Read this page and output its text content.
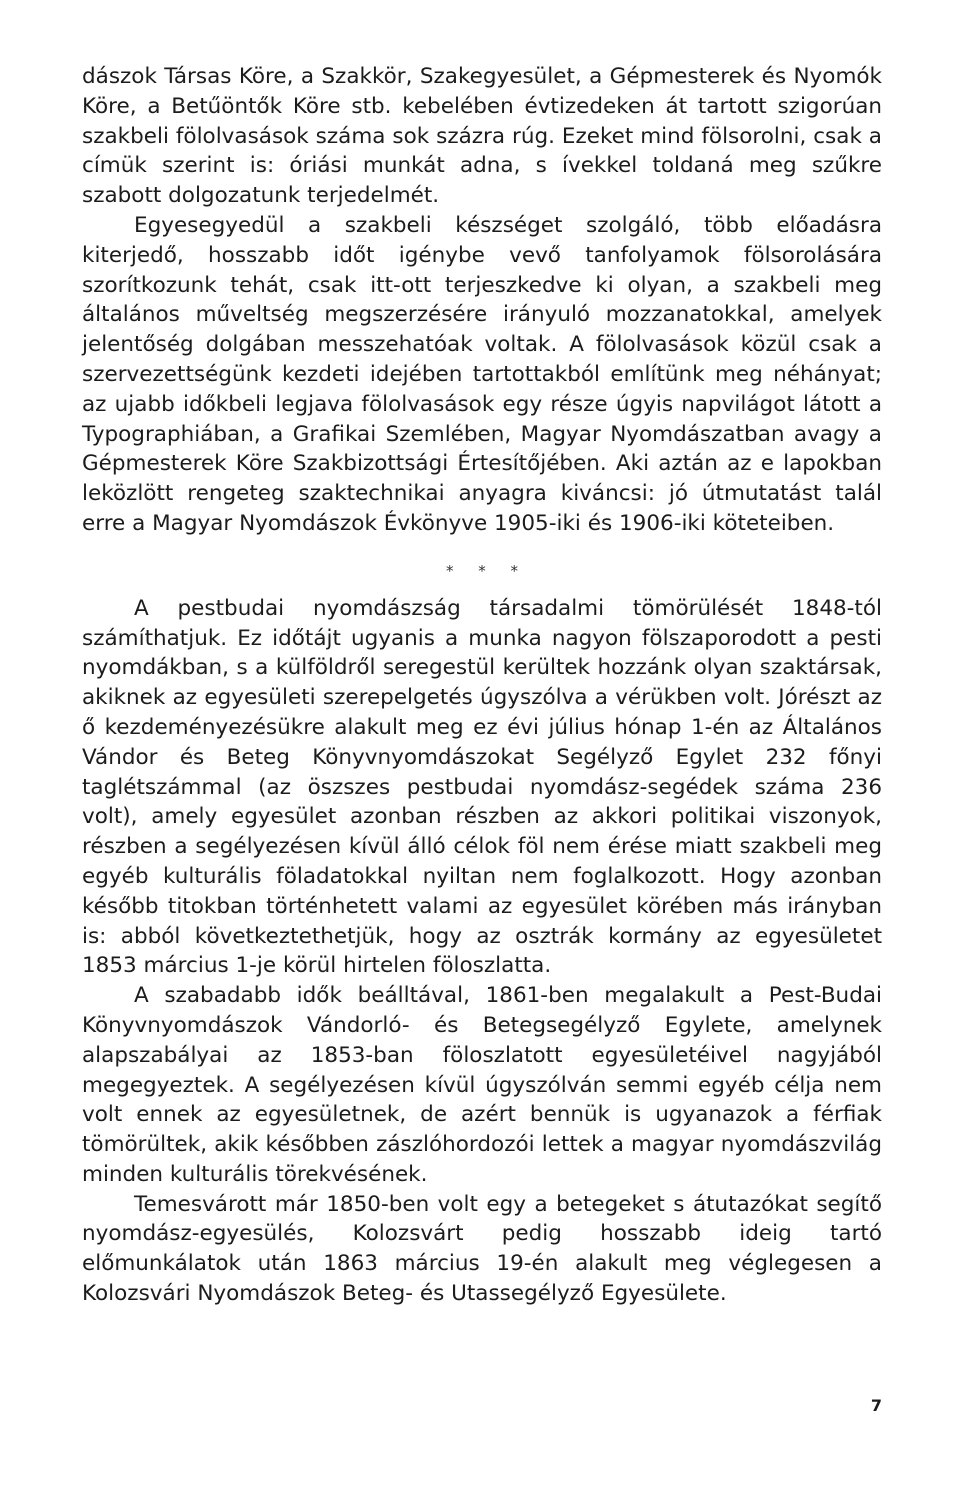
dászok Társas Köre, a Szakkör, Szakegyesület, a Gépmesterek és Nyomók Köre, a Betűöntők Köre stb. kebelében évtizedeken át tartott szigorúan szakbeli fölolvasások száma sok százra rúg. Ezeket mind fölsorolni, csak a címük szerint is: óriási munkát adna, s ívekkel toldaná meg szűkre szabott dolgozatunk terjedelmét.

Egyesegyedül a szakbeli készséget szolgáló, több előadásra kiterjedő, hosszabb időt igénybe vevő tanfolyamok fölsorolására szorítkozunk tehát, csak itt-ott terjeszkedve ki olyan, a szakbeli meg általános műveltség megszerzésére irányuló mozzanatokkal, amelyek jelentőség dolgában messzehatóak voltak. A fölolvasások közül csak a szervezettségünk kezdeti idejében tartottakból említünk meg néhányat; az ujabb időkbeli legjava fölolvasások egy része úgyis napvilágot látott a Typographiában, a Grafikai Szemlében, Magyar Nyomdászatban avagy a Gépmesterek Köre Szakbizottsági Értesítőjében. Aki aztán az e lapokban leközlött rengeteg szaktechnikai anyagra kiváncsi: jó útmutatást talál erre a Magyar Nyomdászok Évkönyve 1905-iki és 1906-iki köteteiben.

* * *

A pestbudai nyomdászság társadalmi tömörülését 1848-tól számíthatjuk. Ez időtájt ugyanis a munka nagyon fölszaporodott a pesti nyomdákban, s a külföldről seregestül kerültek hozzánk olyan szaktársak, akiknek az egyesületi szerepelgetés úgyszólva a vérükben volt. Jórészt az ő kezdeményezésükre alakult meg ez évi július hónap 1-én az Általános Vándor és Beteg Könyvnyomdászokat Segélyző Egylet 232 főnyi taglétszámmal (az öszszes pestbudai nyomdász-segédek száma 236 volt), amely egyesület azonban részben az akkori politikai viszonyok, részben a segélyezésen kívül álló célok föl nem érése miatt szakbeli meg egyéb kulturális föladatokkal nyiltan nem foglalkozott. Hogy azonban később titokban történhetett valami az egyesület körében más irányban is: abból következtethetjük, hogy az osztrák kormány az egyesületet 1853 március 1-je körül hirtelen föloszlatta.

A szabadabb idők beálltával, 1861-ben megalakult a Pest-Budai Könyvnyomdászok Vándorló- és Betegsegélyző Egylete, amelynek alapszabályai az 1853-ban föloszlatott egyesületéivel nagyjából megegyeztek. A segélyezésen kívül úgyszólván semmi egyéb célja nem volt ennek az egyesületnek, de azért bennük is ugyanazok a férfiak tömörültek, akik későbben zászlóhordozói lettek a magyar nyomdászvilág minden kulturális törekvésének.

Temesvárott már 1850-ben volt egy a betegeket s átutazókat segítő nyomdász-egyesülés, Kolozsvárt pedig hosszabb ideig tartó előmunkálatok után 1863 március 19-én alakult meg véglegesen a Kolozsvári Nyomdászok Beteg- és Utassegélyző Egyesülete.

7
